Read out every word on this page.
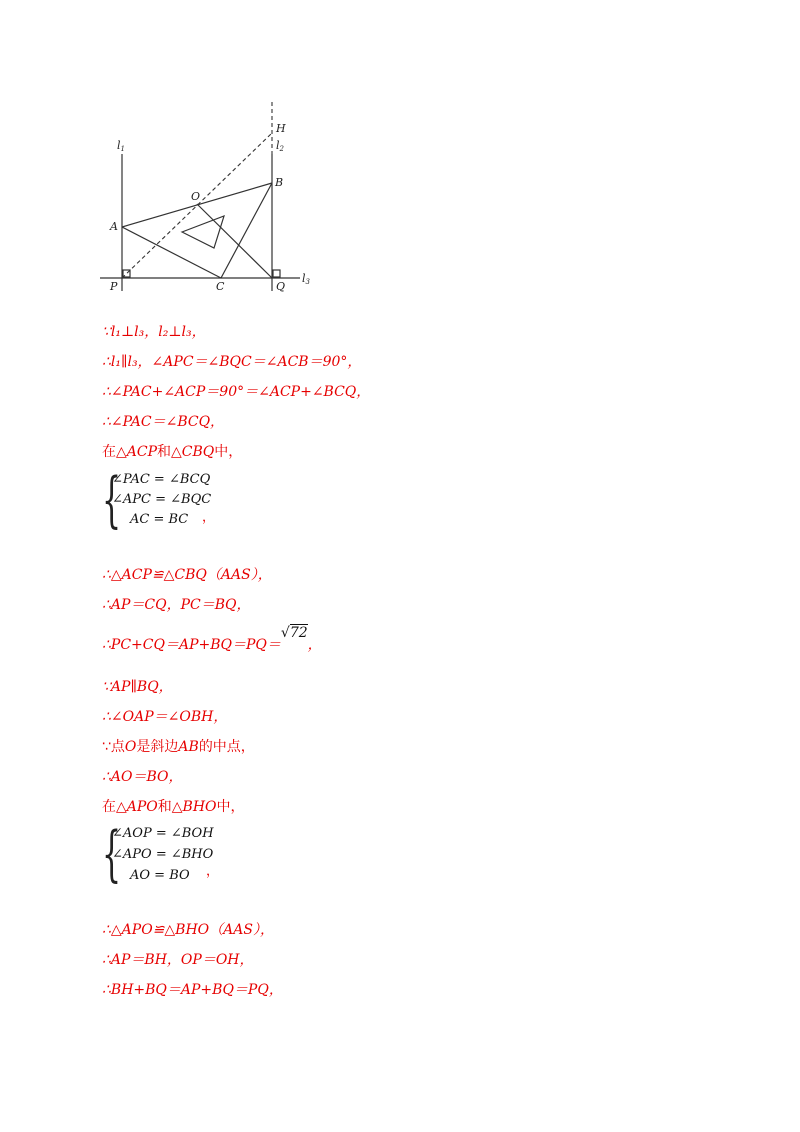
l1	l2
l3
H
B
O
A
P	C	Q
∵l₁⊥l₃，l₂⊥l₃，
∴l₁∥l₃，∠APC＝∠BQC＝∠ACB＝90°，
∴∠PAC+∠ACP＝90°＝∠ACP+∠BCQ，
∴∠PAC＝∠BCQ，
在△ACP和△CBQ中，
{
∠PAC = ∠BCQ
∠APC = ∠BQC
AC = BC ，
∴△ACP≌△CBQ（AAS），
∴AP＝CQ，PC＝BQ，
∴PC+CQ＝AP+BQ＝PQ＝√72，
∵AP∥BQ，
∴∠OAP＝∠OBH，
∵点O是斜边AB的中点，
∴AO＝BO，
在△APO和△BHO中，
{
∠AOP = ∠BOH
∠APO = ∠BHO
AO = BO ，
∴△APO≌△BHO（AAS），
∴AP＝BH，OP＝OH，
∴BH+BQ＝AP+BQ＝PQ，
